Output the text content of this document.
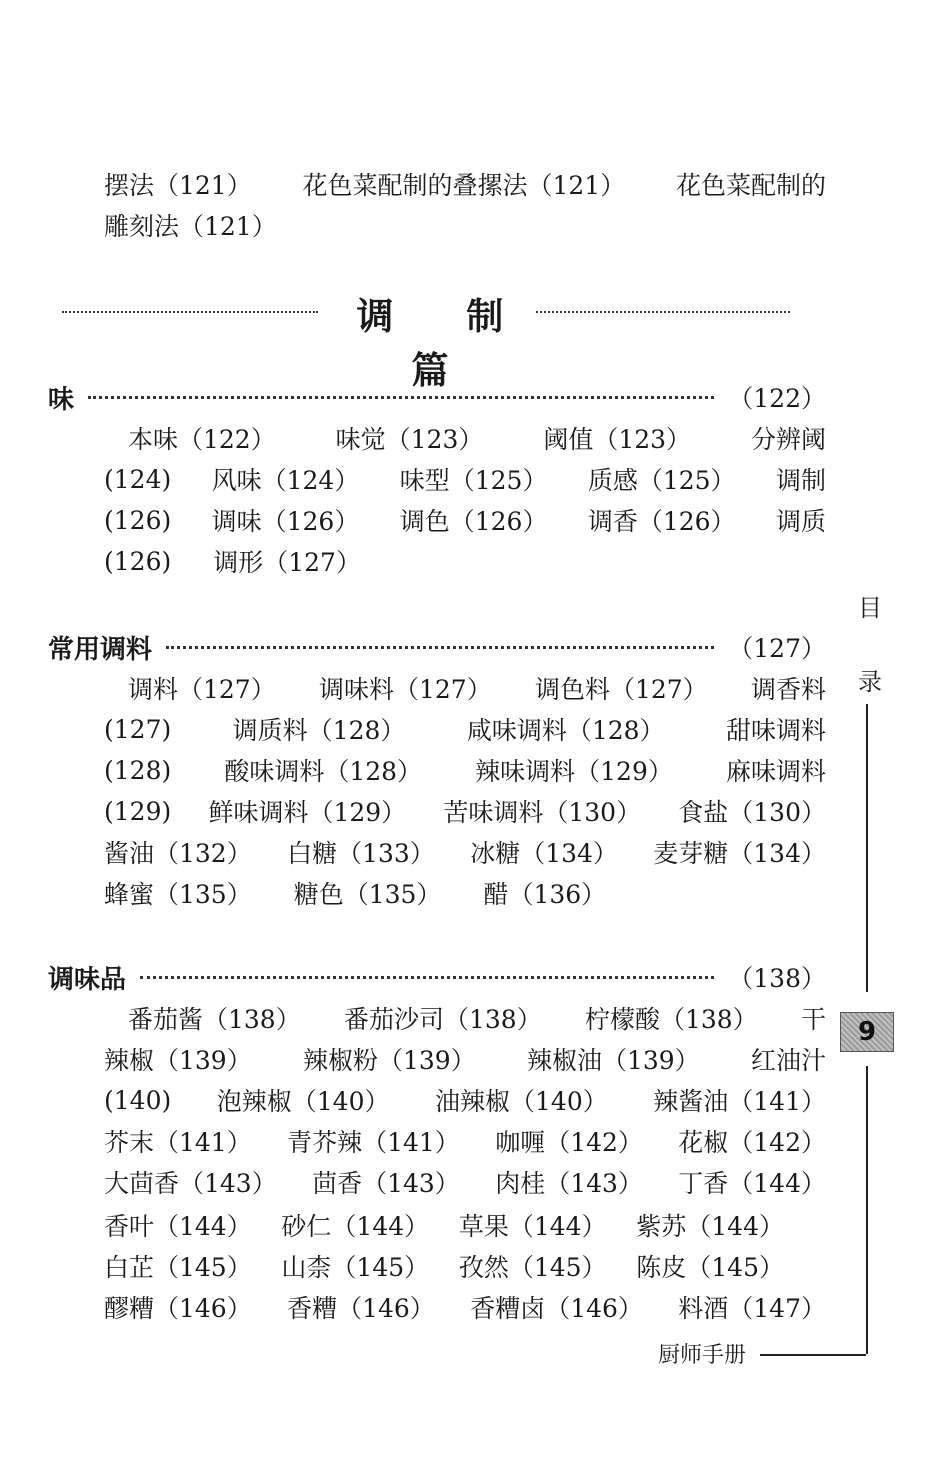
摆法（121） 花色菜配制的叠摞法（121） 花色菜配制的
雕刻法（121）
调 制 篇
味	（122）
本味（122） 味觉（123） 阈值（123） 分辨阈
(124) 风味（124） 味型（125） 质感（125） 调制
(126) 调味（126） 调色（126） 调香（126） 调质
(126) 调形（127）
常用调料	（127）
调料（127） 调味料（127） 调色料（127） 调香料
(127) 调质料（128） 咸味调料（128） 甜味调料
(128) 酸味调料（128） 辣味调料（129） 麻味调料
(129) 鲜味调料（129） 苦味调料（130） 食盐（130）
酱油（132） 白糖（133） 冰糖（134） 麦芽糖（134）
蜂蜜（135） 糖色（135） 醋（136）
调味品	（138）
番茄酱（138） 番茄沙司（138） 柠檬酸（138） 干
辣椒（139） 辣椒粉（139） 辣椒油（139） 红油汁
(140) 泡辣椒（140） 油辣椒（140） 辣酱油（141）
芥末（141） 青芥辣（141） 咖喱（142） 花椒（142）
大茴香（143） 茴香（143） 肉桂（143） 丁香（144）
香叶（144） 砂仁（144） 草果（144） 紫苏（144）
白芷（145） 山柰（145） 孜然（145） 陈皮（145）
醪糟（146） 香糟（146） 香糟卤（146） 料酒（147）
目
录
9
厨师手册
